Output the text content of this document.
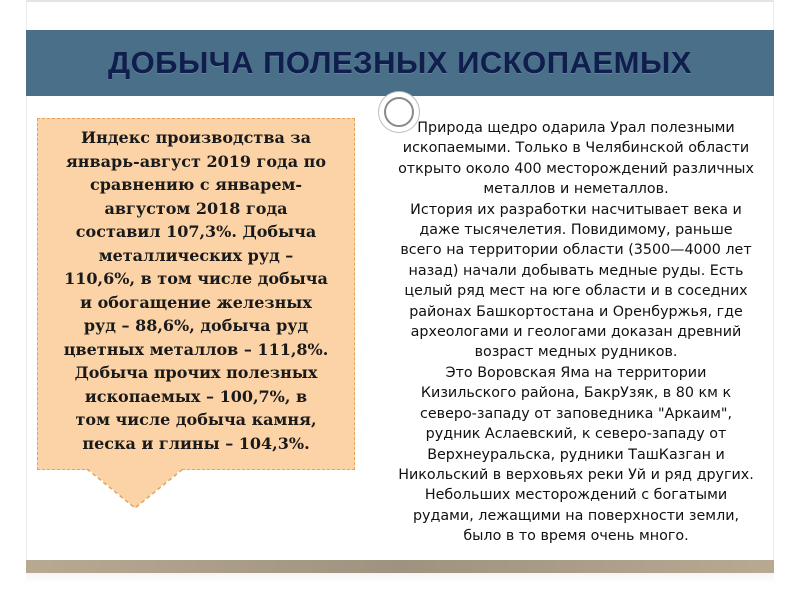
ДОБЫЧА ПОЛЕЗНЫХ ИСКОПАЕМЫХ

Индекс производства за
январь-август 2019 года по
сравнению с январем-
августом 2018 года
составил 107,3%. Добыча
металлических руд –
110,6%, в том числе добыча
и обогащение железных
руд – 88,6%, добыча руд
цветных металлов – 111,8%.
Добыча прочих полезных
ископаемых – 100,7%, в
том числе добыча камня,
песка и глины – 104,3%.

Природа щедро одарила Урал полезными
ископаемыми. Только в Челябинской области
открыто около 400 месторождений различных
металлов и неметаллов.

История их разработки насчитывает века и
даже тысячелетия. Повидимому, раньше
всего на территории области (3500—4000 лет
назад) начали добывать медные руды. Есть
целый ряд мест на юге области и в соседних
районах Башкортостана и Оренбуржья, где
археологами и геологами доказан древний
возраст медных рудников.

Это Воровская Яма на территории
Кизильского района, БакрУзяк, в 80 км к
северо-западу от заповедника "Аркаим",
рудник Аслаевский, к северо-западу от
Верхнеуральска, рудники ТашКазган и
Никольский в верховьях реки Уй и ряд других.

Небольших месторождений с богатыми
рудами, лежащими на поверхности земли,
было в то время очень много.
